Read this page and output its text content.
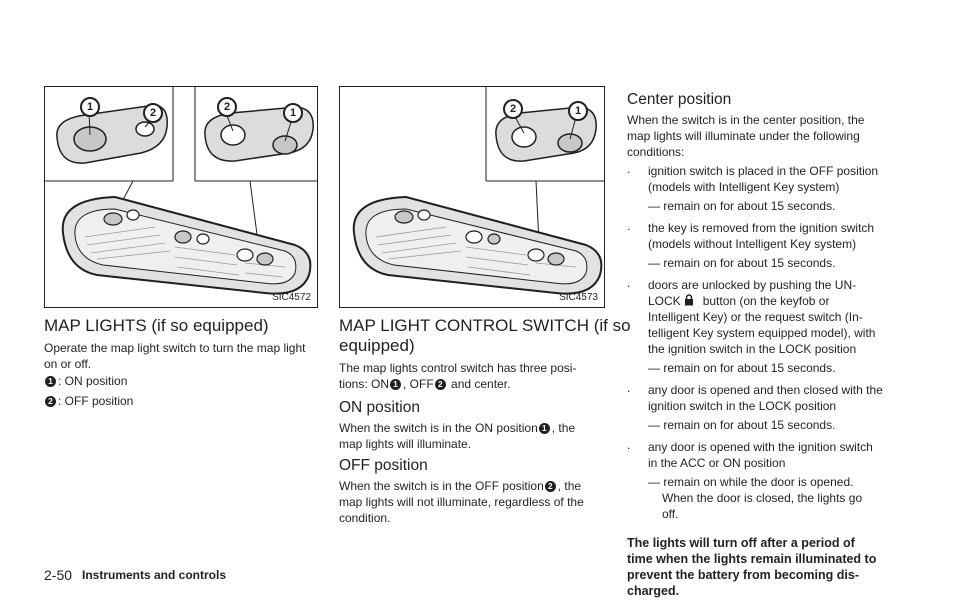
1	2	2	1
SIC4572
2	1
SIC4573
MAP LIGHTS (if so equipped)

Operate the map light switch to turn the map light on or off.

1 : ON position

2 : OFF position

MAP LIGHT CONTROL SWITCH (if so
equipped)

The map lights control switch has three posi-

tions: ON 1 , OFF 2 and center.

ON position

When the switch is in the ON position 1 , the

map lights will illuminate.

OFF position

When the switch is in the OFF position 2 , the

map lights will not illuminate, regardless of the

condition.

Center position

When the switch is in the center position, the

map lights will illuminate under the following

conditions:

. ignition switch is placed in the OFF position

(models with Intelligent Key system)

— remain on for about 15 seconds.

. the key is removed from the ignition switch

(models without Intelligent Key system)

— remain on for about 15 seconds.

. doors are unlocked by pushing the UN-

LOCK button (on the keyfob or

Intelligent Key) or the request switch (In-

telligent Key system equipped model), with

the ignition switch in the LOCK position

— remain on for about 15 seconds.

. any door is opened and then closed with the

ignition switch in the LOCK position

— remain on for about 15 seconds.

. any door is opened with the ignition switch

in the ACC or ON position

— remain on while the door is opened.

When the door is closed, the lights go

off.

The lights will turn off after a period of

time when the lights remain illuminated to

prevent the battery from becoming dis-

charged.

2-50 Instruments and controls
